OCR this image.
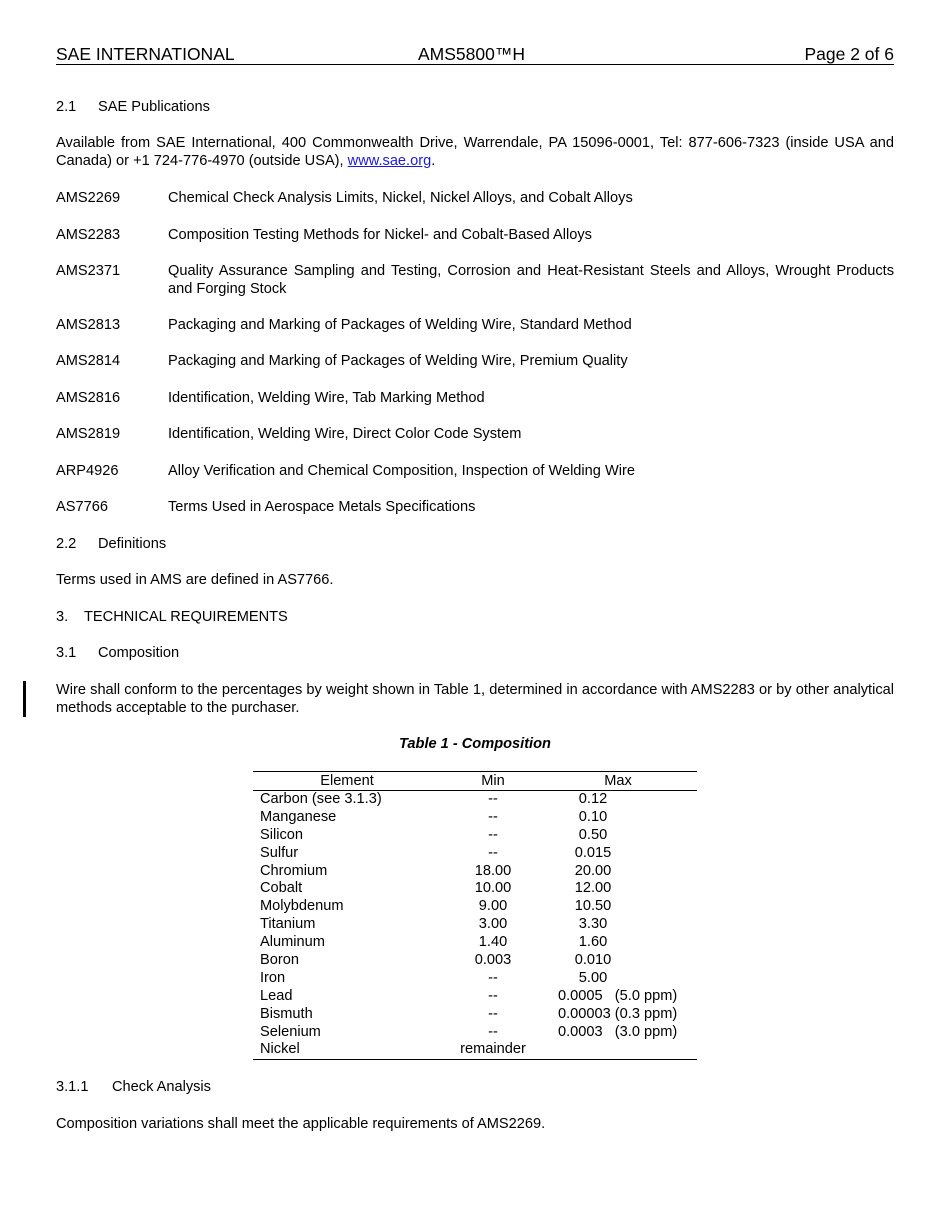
SAE INTERNATIONAL	AMS5800™H	Page 2 of 6
2.1 SAE Publications
Available from SAE International, 400 Commonwealth Drive, Warrendale, PA 15096-0001, Tel: 877-606-7323 (inside USA and Canada) or +1 724-776-4970 (outside USA), www.sae.org.
AMS2269	Chemical Check Analysis Limits, Nickel, Nickel Alloys, and Cobalt Alloys
AMS2283	Composition Testing Methods for Nickel- and Cobalt-Based Alloys
AMS2371	Quality Assurance Sampling and Testing, Corrosion and Heat-Resistant Steels and Alloys, Wrought Products and Forging Stock
AMS2813	Packaging and Marking of Packages of Welding Wire, Standard Method
AMS2814	Packaging and Marking of Packages of Welding Wire, Premium Quality
AMS2816	Identification, Welding Wire, Tab Marking Method
AMS2819	Identification, Welding Wire, Direct Color Code System
ARP4926	Alloy Verification and Chemical Composition, Inspection of Welding Wire
AS7766	Terms Used in Aerospace Metals Specifications
2.2 Definitions
Terms used in AMS are defined in AS7766.
3. TECHNICAL REQUIREMENTS
3.1 Composition
Wire shall conform to the percentages by weight shown in Table 1, determined in accordance with AMS2283 or by other analytical methods acceptable to the purchaser.
Table 1 - Composition
Element	Min	Max
Carbon (see 3.1.3)	--	0.12
Manganese	--	0.10
Silicon	--	0.50
Sulfur	--	0.015
Chromium	18.00	20.00
Cobalt	10.00	12.00
Molybdenum	9.00	10.50
Titanium	3.00	3.30
Aluminum	1.40	1.60
Boron	0.003	0.010
Iron	--	5.00
Lead	--	0.0005   (5.0 ppm)
Bismuth	--	0.00003 (0.3 ppm)
Selenium	--	0.0003   (3.0 ppm)
Nickel	remainder
3.1.1 Check Analysis
Composition variations shall meet the applicable requirements of AMS2269.
